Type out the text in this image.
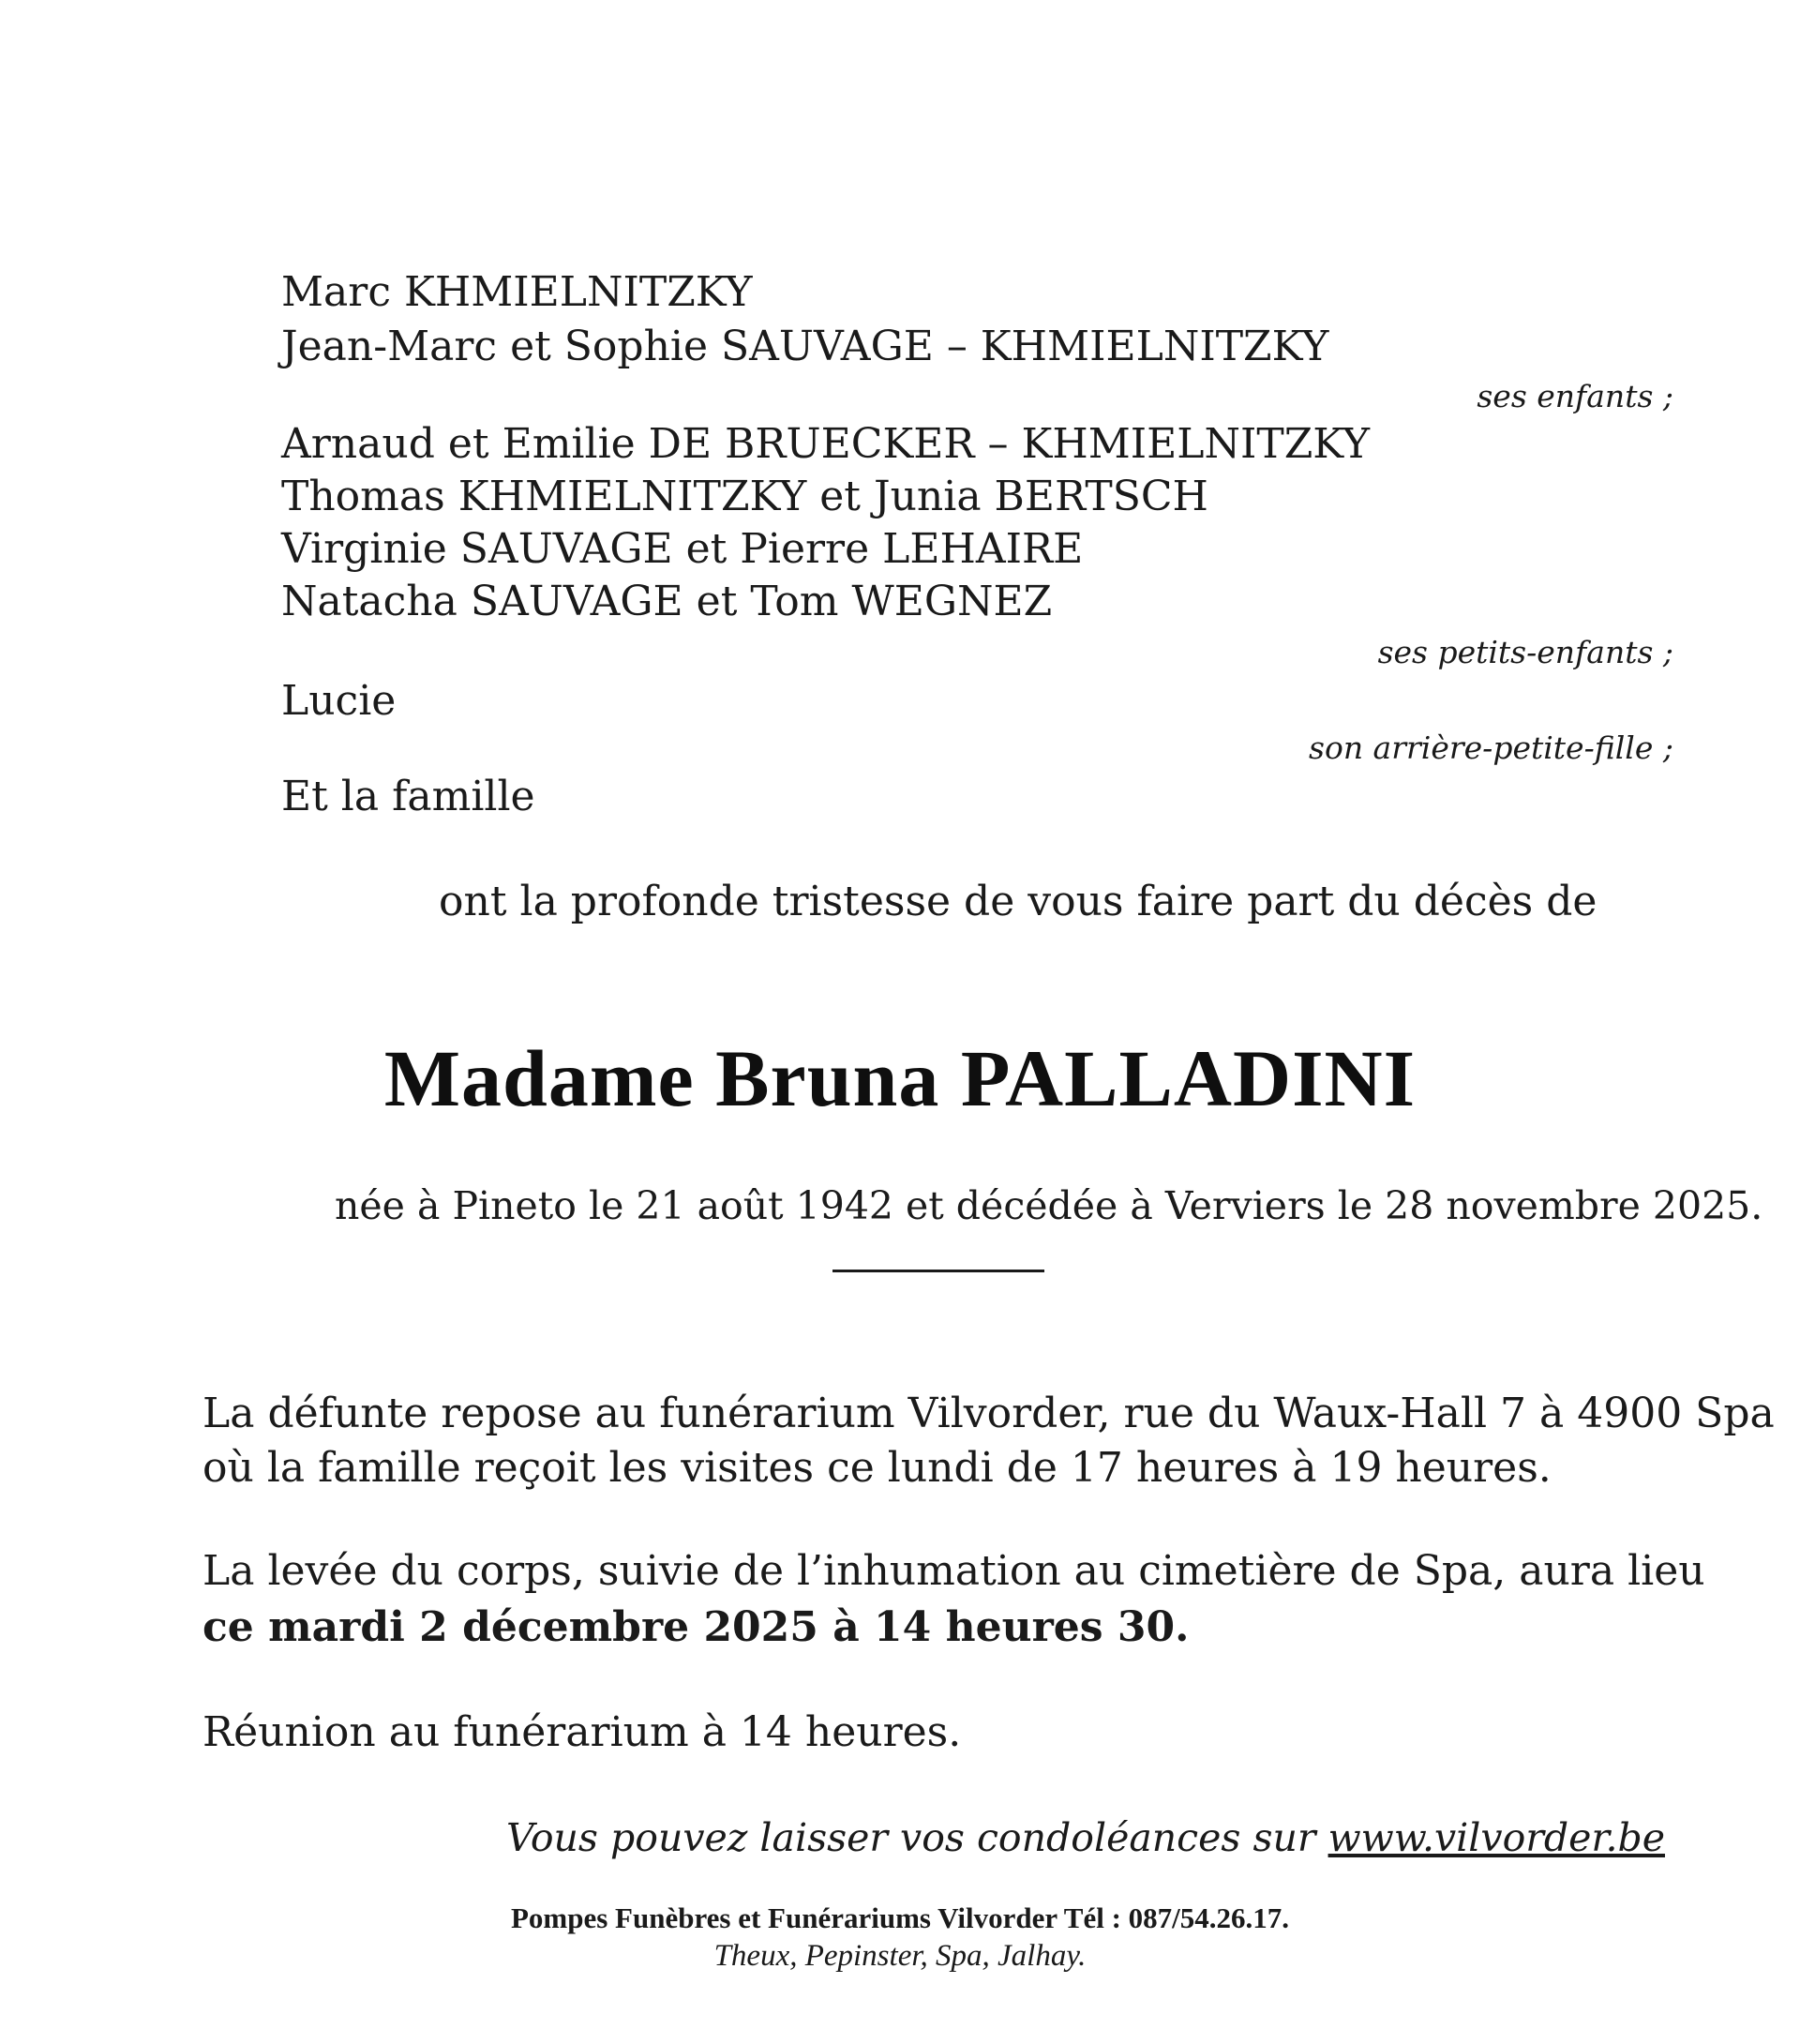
Marc KHMIELNITZKY
Jean-Marc et Sophie SAUVAGE – KHMIELNITZKY
ses enfants ;
Arnaud et Emilie DE BRUECKER – KHMIELNITZKY
Thomas KHMIELNITZKY et Junia BERTSCH
Virginie SAUVAGE et Pierre LEHAIRE
Natacha SAUVAGE et Tom WEGNEZ
ses petits-enfants ;
Lucie
son arrière-petite-fille ;
Et la famille
ont la profonde tristesse de vous faire part du décès de
Madame Bruna PALLADINI
née à Pineto le 21 août 1942 et décédée à Verviers le 28 novembre 2025.
La défunte repose au funérarium Vilvorder, rue du Waux-Hall 7 à 4900 Spa
où la famille reçoit les visites ce lundi de 17 heures à 19 heures.
La levée du corps, suivie de l’inhumation au cimetière de Spa, aura lieu
ce mardi 2 décembre 2025 à 14 heures 30.
Réunion au funérarium à 14 heures.
Vous pouvez laisser vos condoléances sur www.vilvorder.be
Pompes Funèbres et Funérariums Vilvorder Tél : 087/54.26.17.
Theux, Pepinster, Spa, Jalhay.
